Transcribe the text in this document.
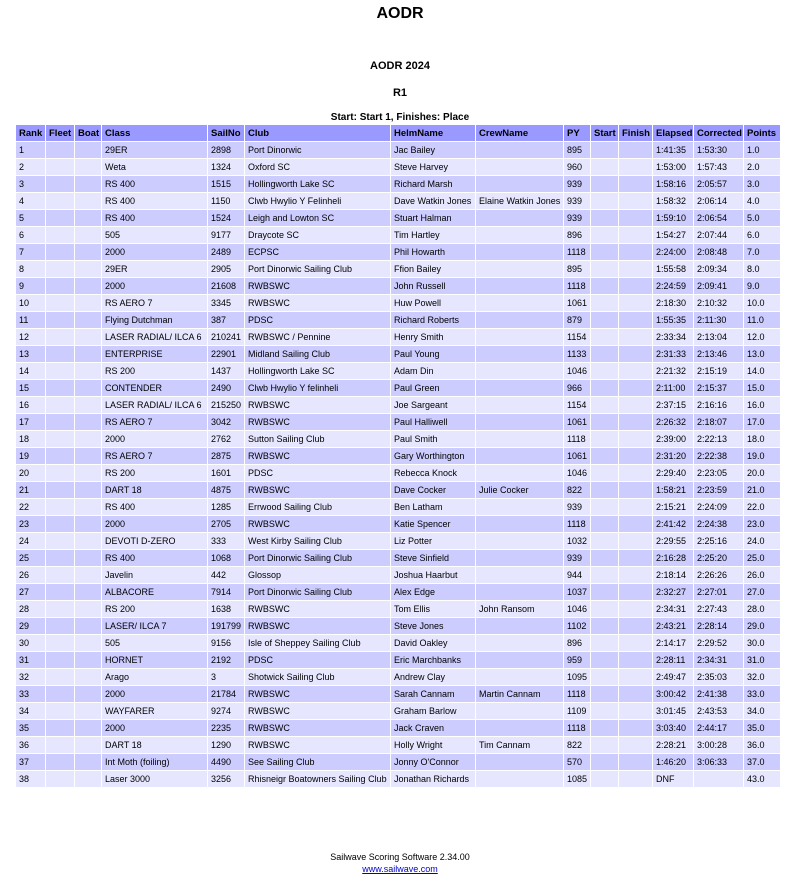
AODR
AODR 2024
R1
Start: Start 1, Finishes: Place
Rank	Fleet	Boat	Class	SailNo	Club	HelmName	CrewName	PY	Start	Finish	Elapsed	Corrected	Points
1			29ER	2898	Port Dinorwic	Jac Bailey		895			1:41:35	1:53:30	1.0
2			Weta	1324	Oxford SC	Steve Harvey		960			1:53:00	1:57:43	2.0
3			RS 400	1515	Hollingworth Lake SC	Richard Marsh		939			1:58:16	2:05:57	3.0
4			RS 400	1150	Clwb Hwylio Y Felinheli	Dave Watkin Jones	Elaine Watkin Jones	939			1:58:32	2:06:14	4.0
5			RS 400	1524	Leigh and Lowton SC	Stuart Halman		939			1:59:10	2:06:54	5.0
6			505	9177	Draycote SC	Tim Hartley		896			1:54:27	2:07:44	6.0
7			2000	2489	ECPSC	Phil Howarth		1118			2:24:00	2:08:48	7.0
8			29ER	2905	Port Dinorwic Sailing Club	Ffion Bailey		895			1:55:58	2:09:34	8.0
9			2000	21608	RWBSWC	John Russell		1118			2:24:59	2:09:41	9.0
10			RS AERO 7	3345	RWBSWC	Huw Powell		1061			2:18:30	2:10:32	10.0
11			Flying Dutchman	387	PDSC	Richard Roberts		879			1:55:35	2:11:30	11.0
12			LASER RADIAL/ ILCA 6	210241	RWBSWC / Pennine	Henry Smith		1154			2:33:34	2:13:04	12.0
13			ENTERPRISE	22901	Midland Sailing Club	Paul Young		1133			2:31:33	2:13:46	13.0
14			RS 200	1437	Hollingworth Lake SC	Adam Din		1046			2:21:32	2:15:19	14.0
15			CONTENDER	2490	Clwb Hwylio Y felinheli	Paul Green		966			2:11:00	2:15:37	15.0
16			LASER RADIAL/ ILCA 6	215250	RWBSWC	Joe Sargeant		1154			2:37:15	2:16:16	16.0
17			RS AERO 7	3042	RWBSWC	Paul Halliwell		1061			2:26:32	2:18:07	17.0
18			2000	2762	Sutton Sailing Club	Paul Smith		1118			2:39:00	2:22:13	18.0
19			RS AERO 7	2875	RWBSWC	Gary Worthington		1061			2:31:20	2:22:38	19.0
20			RS 200	1601	PDSC	Rebecca Knock		1046			2:29:40	2:23:05	20.0
21			DART 18	4875	RWBSWC	Dave Cocker	Julie Cocker	822			1:58:21	2:23:59	21.0
22			RS 400	1285	Errwood Sailing Club	Ben Latham		939			2:15:21	2:24:09	22.0
23			2000	2705	RWBSWC	Katie Spencer		1118			2:41:42	2:24:38	23.0
24			DEVOTI D-ZERO	333	West Kirby Sailing Club	Liz Potter		1032			2:29:55	2:25:16	24.0
25			RS 400	1068	Port Dinorwic Sailing Club	Steve Sinfield		939			2:16:28	2:25:20	25.0
26			Javelin	442	Glossop	Joshua Haarbut		944			2:18:14	2:26:26	26.0
27			ALBACORE	7914	Port Dinorwic Sailing Club	Alex Edge		1037			2:32:27	2:27:01	27.0
28			RS 200	1638	RWBSWC	Tom Ellis	John Ransom	1046			2:34:31	2:27:43	28.0
29			LASER/ ILCA 7	191799	RWBSWC	Steve Jones		1102			2:43:21	2:28:14	29.0
30			505	9156	Isle of Sheppey Sailing Club	David Oakley		896			2:14:17	2:29:52	30.0
31			HORNET	2192	PDSC	Eric Marchbanks		959			2:28:11	2:34:31	31.0
32			Arago	3	Shotwick Sailing Club	Andrew Clay		1095			2:49:47	2:35:03	32.0
33			2000	21784	RWBSWC	Sarah Cannam	Martin Cannam	1118			3:00:42	2:41:38	33.0
34			WAYFARER	9274	RWBSWC	Graham Barlow		1109			3:01:45	2:43:53	34.0
35			2000	2235	RWBSWC	Jack Craven		1118			3:03:40	2:44:17	35.0
36			DART 18	1290	RWBSWC	Holly Wright	Tim Cannam	822			2:28:21	3:00:28	36.0
37			Int Moth (foiling)	4490	See Sailing Club	Jonny O'Connor		570			1:46:20	3:06:33	37.0
38			Laser 3000	3256	Rhisneigr Boatowners Sailing Club	Jonathan Richards		1085			DNF		43.0
Sailwave Scoring Software 2.34.00
www.sailwave.com
